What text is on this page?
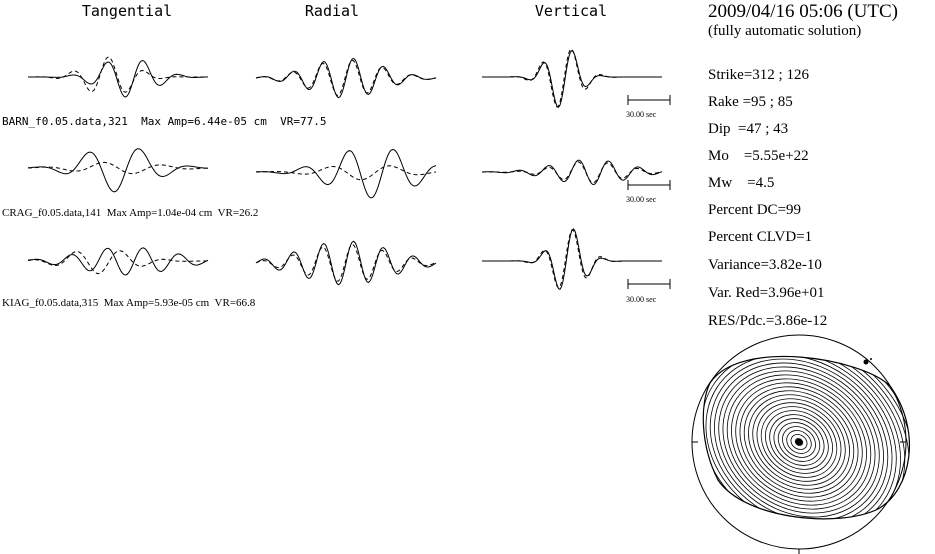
Tangential	Radial	Vertical
BARN_f0.05.data,321  Max Amp=6.44e-05 cm  VR=77.5
CRAG_f0.05.data,141  Max Amp=1.04e-04 cm  VR=26.2
KIAG_f0.05.data,315  Max Amp=5.93e-05 cm  VR=66.8
30.00 sec
30.00 sec
30.00 sec
2009/04/16 05:06 (UTC)
(fully automatic solution)
Strike=312 ; 126
Rake =95 ; 85
Dip  =47 ; 43
Mo    =5.55e+22
Mw    =4.5
Percent DC=99
Percent CLVD=1
Variance=3.82e-10
Var. Red=3.96e+01
RES/Pdc.=3.86e-12
